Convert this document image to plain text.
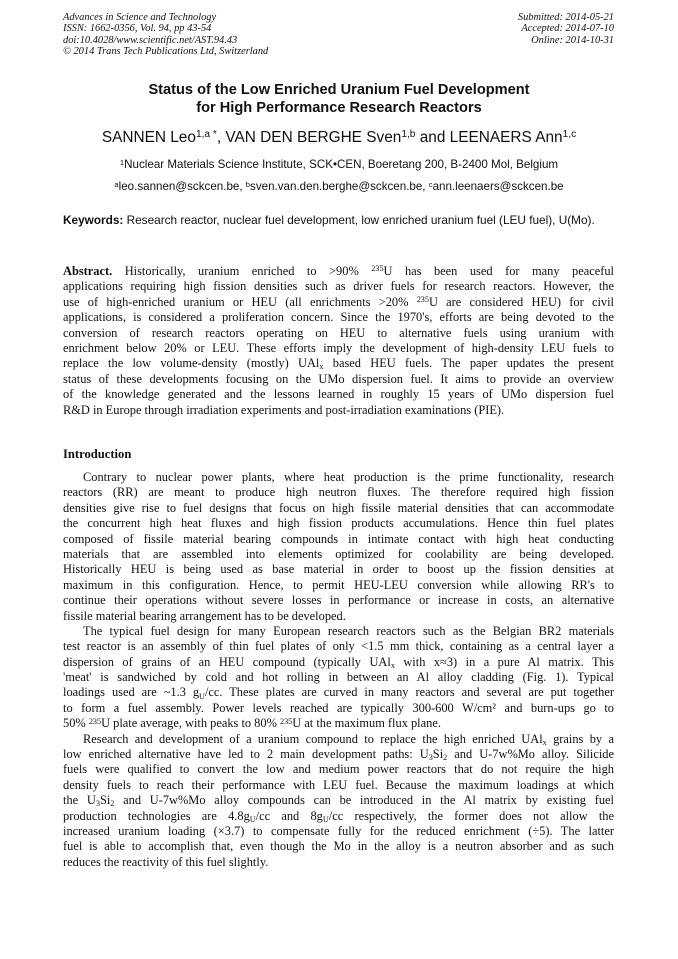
Advances in Science and Technology
ISSN: 1662-0356, Vol. 94, pp 43-54
doi:10.4028/www.scientific.net/AST.94.43
© 2014 Trans Tech Publications Ltd, Switzerland
Submitted: 2014-05-21
Accepted: 2014-07-10
Online: 2014-10-31
Status of the Low Enriched Uranium Fuel Development
for High Performance Research Reactors
SANNEN Leo$^{1,a *}$, VAN DEN BERGHE Sven$^{1,b}$ and LEENAERS Ann$^{1,c}$
$^1$Nuclear Materials Science Institute, SCK•CEN, Boeretang 200, B-2400 Mol, Belgium
$^a$leo.sannen@sckcen.be, $^b$sven.van.den.berghe@sckcen.be, $^c$ann.leenaers@sckcen.be
Keywords: Research reactor, nuclear fuel development, low enriched uranium fuel (LEU fuel), U(Mo).
Abstract. Historically, uranium enriched to >90% $^{235}$U has been used for many peaceful
applications requiring high fission densities such as driver fuels for research reactors. However, the
use of high-enriched uranium or HEU (all enrichments >20% $^{235}$U are considered HEU) for civil
applications, is considered a proliferation concern. Since the 1970's, efforts are being devoted to the
conversion of research reactors operating on HEU to alternative fuels using uranium with
enrichment below 20% or LEU. These efforts imply the development of high-density LEU fuels to
replace the low volume-density (mostly) UAl$_x$ based HEU fuels. The paper updates the present
status of these developments focusing on the UMo dispersion fuel. It aims to provide an overview
of the knowledge generated and the lessons learned in roughly 15 years of UMo dispersion fuel
R&D in Europe through irradiation experiments and post-irradiation examinations (PIE).
Introduction
Contrary to nuclear power plants, where heat production is the prime functionality, research
reactors (RR) are meant to produce high neutron fluxes. The therefore required high fission
densities give rise to fuel designs that focus on high fissile material densities that can accommodate
the concurrent high heat fluxes and high fission products accumulations. Hence thin fuel plates
composed of fissile material bearing compounds in intimate contact with high heat conducting
materials that are assembled into elements optimized for coolability are being developed.
Historically HEU is being used as base material in order to boost up the fission densities at
maximum in this configuration. Hence, to permit HEU-LEU conversion while allowing RR's to
continue their operations without severe losses in performance or increase in costs, an alternative
fissile material bearing arrangement has to be developed.
The typical fuel design for many European research reactors such as the Belgian BR2 materials
test reactor is an assembly of thin fuel plates of only <1.5 mm thick, containing as a central layer a
dispersion of grains of an HEU compound (typically UAl$_x$ with x≈3) in a pure Al matrix. This
'meat' is sandwiched by cold and hot rolling in between an Al alloy cladding (Fig. 1). Typical
loadings used are ~1.3 $g_U/cc$. These plates are curved in many reactors and several are put together
to form a fuel assembly. Power levels reached are typically 300-600 W/cm² and burn-ups go to
50% $^{235}$U plate average, with peaks to 80% $^{235}$U at the maximum flux plane.
Research and development of a uranium compound to replace the high enriched UAl$_x$ grains by a
low enriched alternative have led to 2 main development paths: $U_3Si_2$ and U-7w%Mo alloy. Silicide
fuels were qualified to convert the low and medium power reactors that do not require the high
density fuels to reach their performance with LEU fuel. Because the maximum loadings at which
the $U_3Si_2$ and U-7w%Mo alloy compounds can be introduced in the Al matrix by existing fuel
production technologies are $4.8g_U/cc$ and $8g_U/cc$ respectively, the former does not allow the
increased uranium loading (×3.7) to compensate fully for the reduced enrichment (÷5). The latter
fuel is able to accomplish that, even though the Mo in the alloy is a neutron absorber and as such
reduces the reactivity of this fuel slightly.
